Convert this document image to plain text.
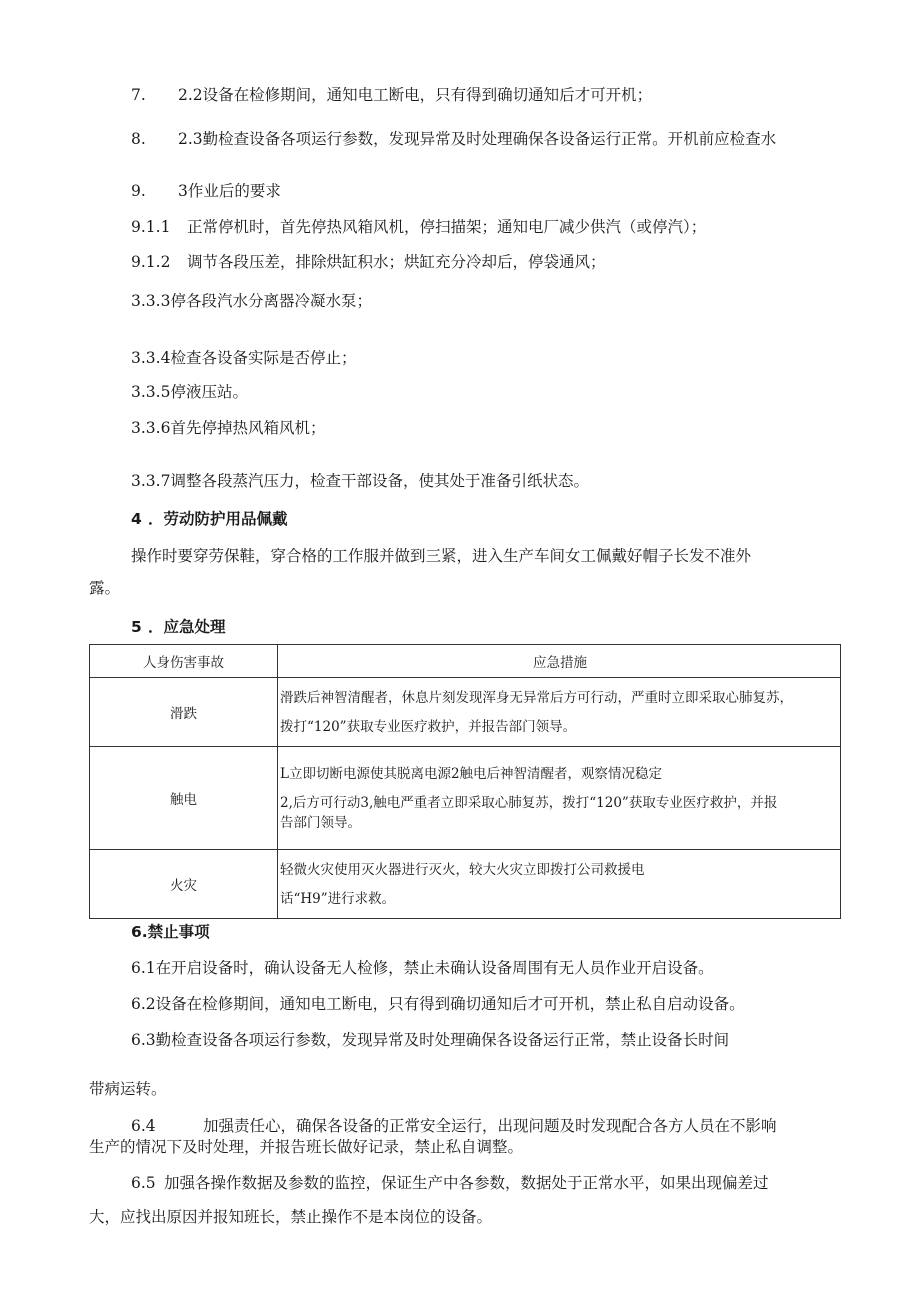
7. 2.2设备在检修期间，通知电工断电，只有得到确切通知后才可开机；
8. 2.3勤检查设备各项运行参数，发现异常及时处理确保各设备运行正常。开机前应检查水
9. 3作业后的要求
9.1.1 正常停机时，首先停热风箱风机，停扫描架；通知电厂减少供汽（或停汽）；
9.1.2 调节各段压差，排除烘缸积水；烘缸充分冷却后，停袋通风；
3.3.3停各段汽水分离器冷凝水泵；
3.3.4检查各设备实际是否停止；
3.3.5停液压站。
3.3.6首先停掉热风箱风机；
3.3.7调整各段蒸汽压力，检查干部设备，使其处于准备引纸状态。
4 ．劳动防护用品佩戴
操作时要穿劳保鞋，穿合格的工作服并做到三紧，进入生产车间女工佩戴好帽子长发不准外
露。
5 ．应急处理
人身伤害事故	应急措施
滑跌	滑跌后神智清醒者，休息片刻发现浑身无异常后方可行动，严重时立即采取心肺复苏，

拨打“120”获取专业医疗救护，并报告部门领导。

触电	L立即切断电源使其脱离电源2触电后神智清醒者，观察情况稳定

2,后方可行动3,触电严重者立即采取心肺复苏，拨打“120”获取专业医疗救护，并报

告部门领导。

火灾	轻微火灾使用灭火器进行灭火，较大火灾立即拨打公司救援电

话“H9”进行求救。

6.禁止事项
6.1在开启设备时，确认设备无人检修，禁止未确认设备周围有无人员作业开启设备。
6.2设备在检修期间，通知电工断电，只有得到确切通知后才可开机，禁止私自启动设备。
6.3勤检查设备各项运行参数，发现异常及时处理确保各设备运行正常，禁止设备长时间
带病运转。
6.4	加强责任心，确保各设备的正常安全运行，出现问题及时发现配合各方人员在不影响
生产的情况下及时处理，并报告班长做好记录，禁止私自调整。
6.5 加强各操作数据及参数的监控，保证生产中各参数，数据处于正常水平，如果出现偏差过
大，应找出原因并报知班长，禁止操作不是本岗位的设备。
